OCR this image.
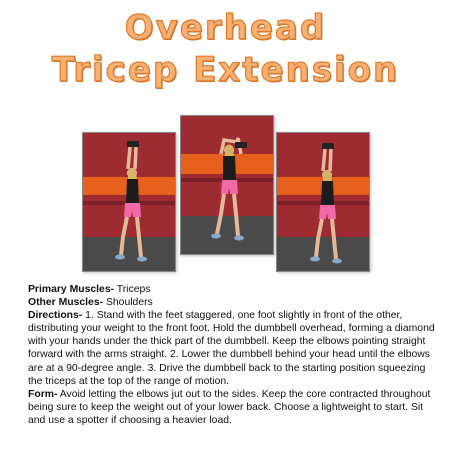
Overhead
Tricep Extension

Primary Muscles- Triceps

Other Muscles- Shoulders

Directions- 1. Stand with the feet staggered, one foot slightly in front of the other, distributing your weight to the front foot. Hold the dumbbell overhead, forming a diamond with your hands under the thick part of the dumbbell. Keep the elbows pointing straight forward with the arms straight. 2. Lower the dumbbell behind your head until the elbows are at a 90-degree angle. 3. Drive the dumbbell back to the starting position squeezing the triceps at the top of the range of motion.

Form- Avoid letting the elbows jut out to the sides. Keep the core contracted throughout being sure to keep the weight out of your lower back. Choose a lightweight to start. Sit and use a spotter if choosing a heavier load.
